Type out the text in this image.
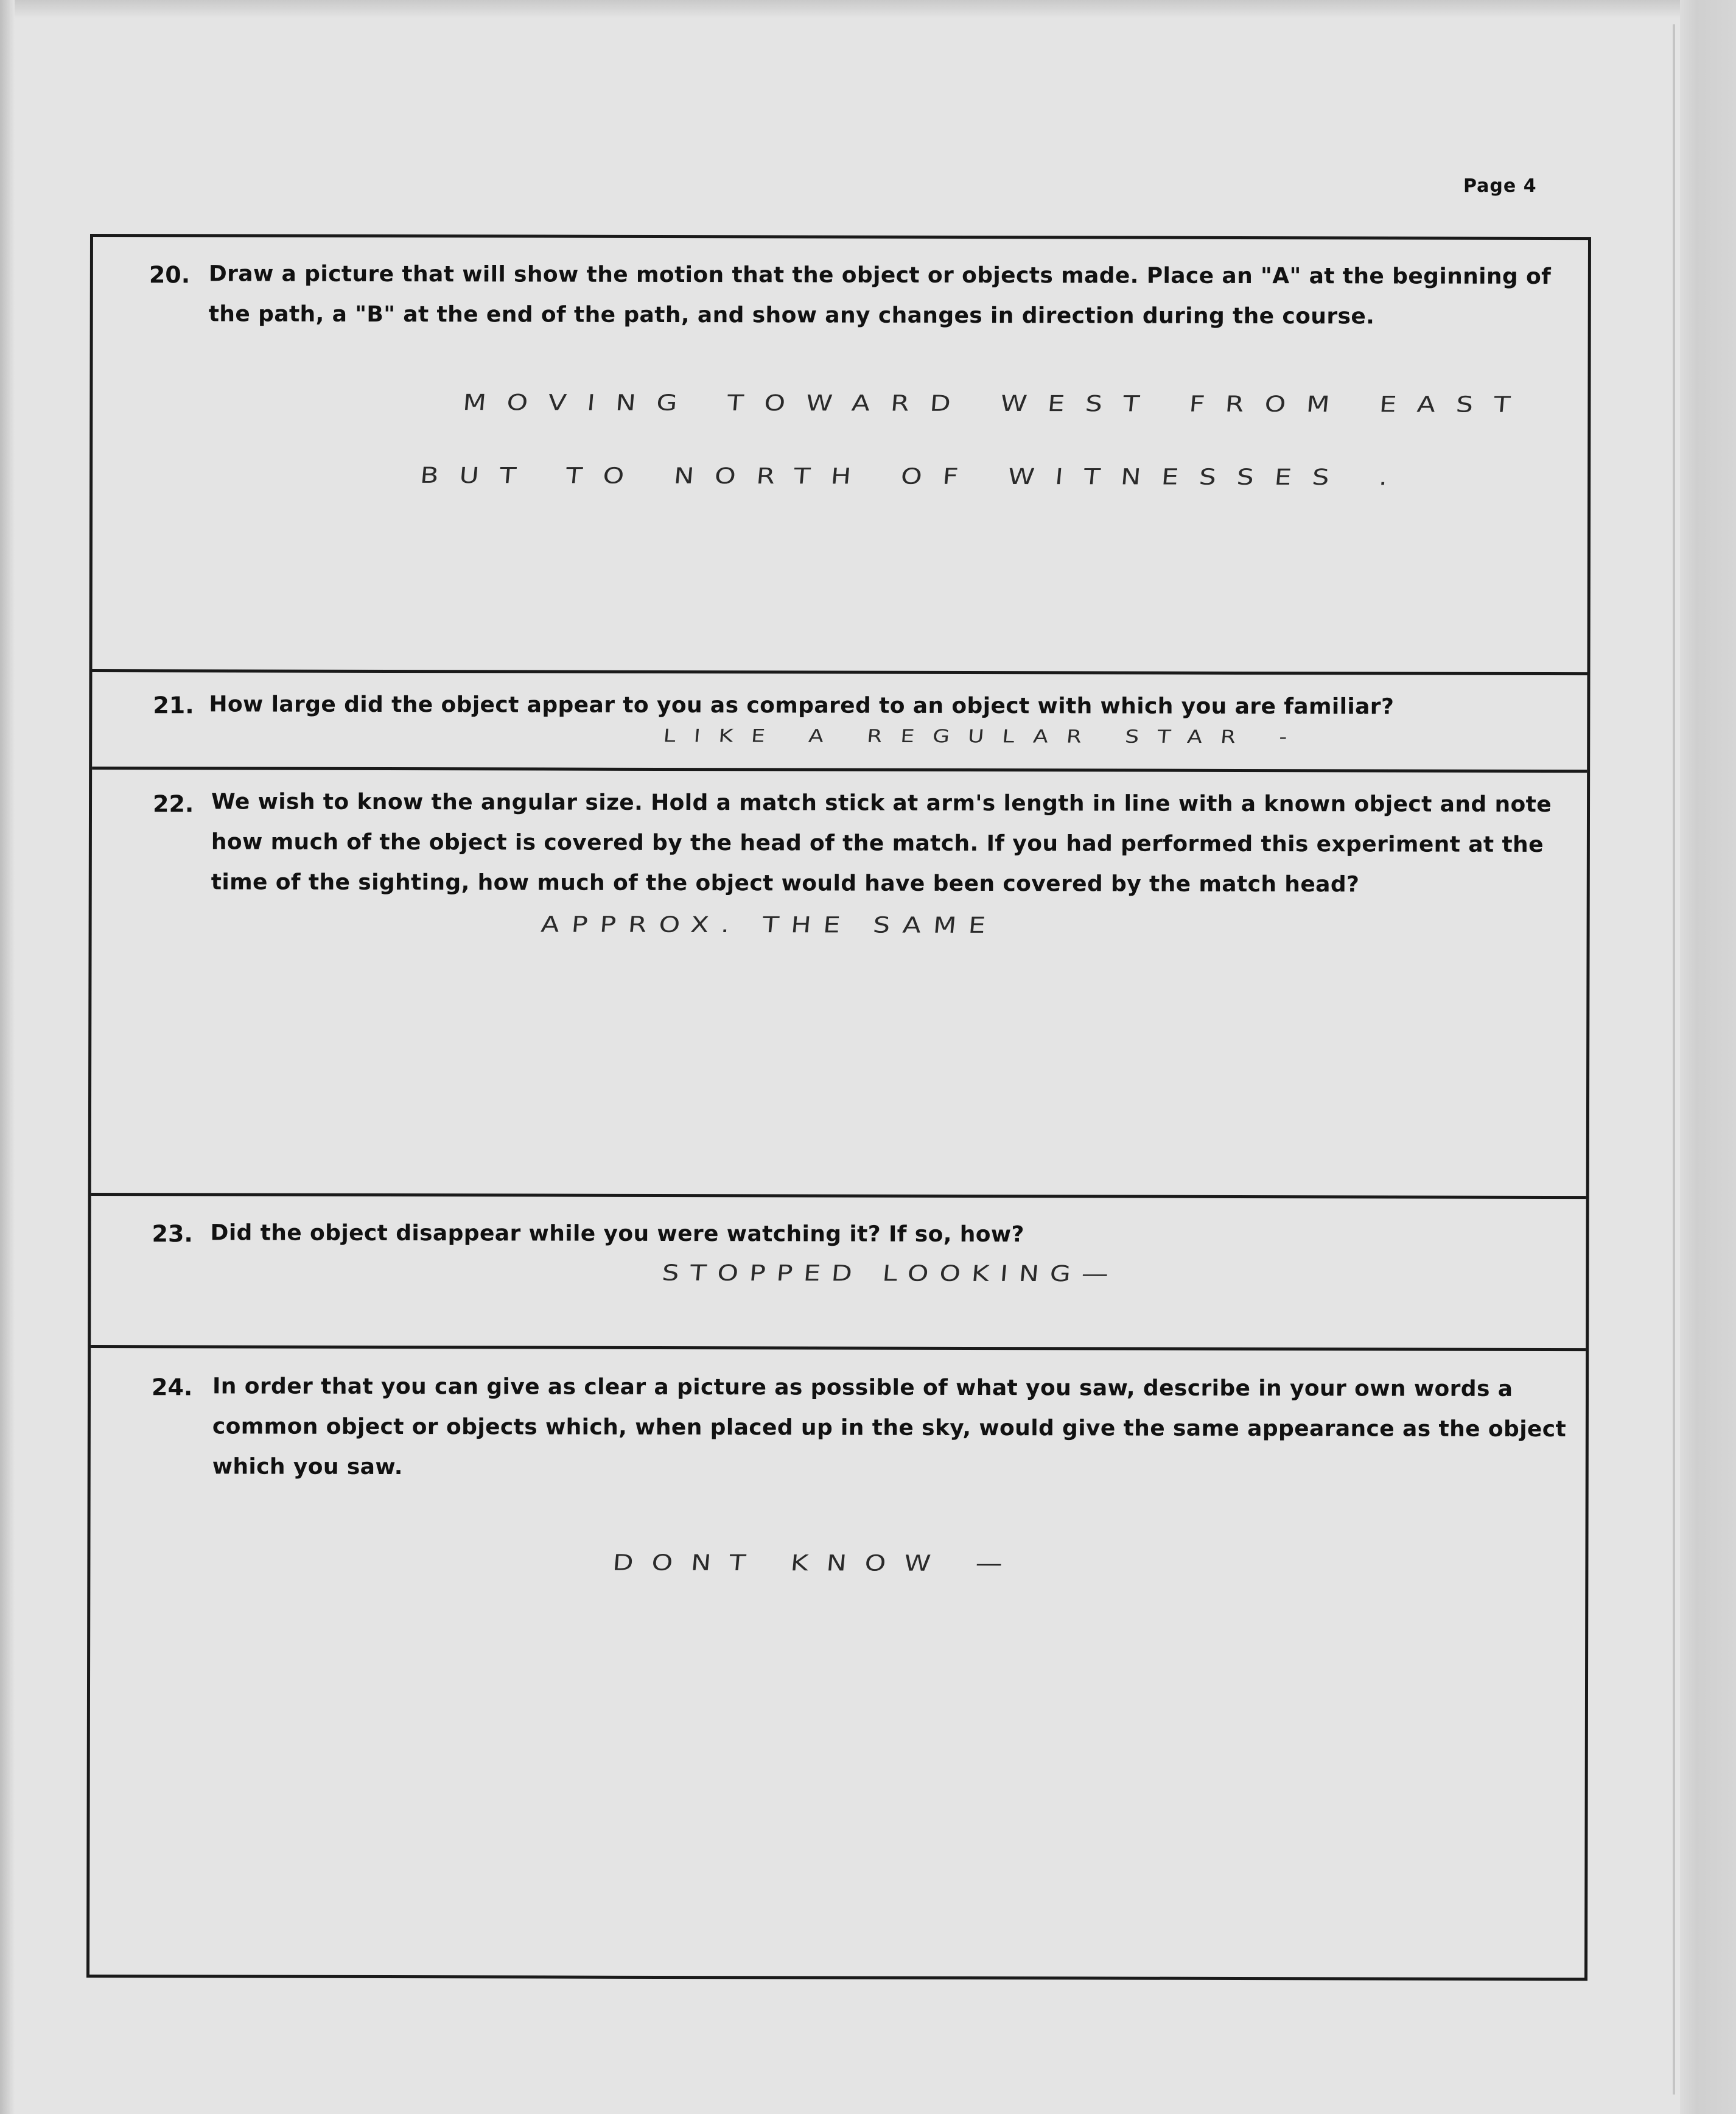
Page 4
20. Draw a picture that will show the motion that the object or objects made. Place an "A" at the beginning of the path, a "B" at the end of the path, and show any changes in direction during the course.
MOVING TOWARD WEST FROM EAST
BUT TO NORTH OF WITNESSES .
21. How large did the object appear to you as compared to an object with which you are familiar?
LIKE A REGULAR STAR -
22. We wish to know the angular size. Hold a match stick at arm's length in line with a known object and note how much of the object is covered by the head of the match. If you had performed this experiment at the time of the sighting, how much of the object would have been covered by the match head?
APPROX. THE SAME
23. Did the object disappear while you were watching it? If so, how?
STOPPED LOOKING—
24. In order that you can give as clear a picture as possible of what you saw, describe in your own words a common object or objects which, when placed up in the sky, would give the same appearance as the object which you saw.
DONT KNOW —
